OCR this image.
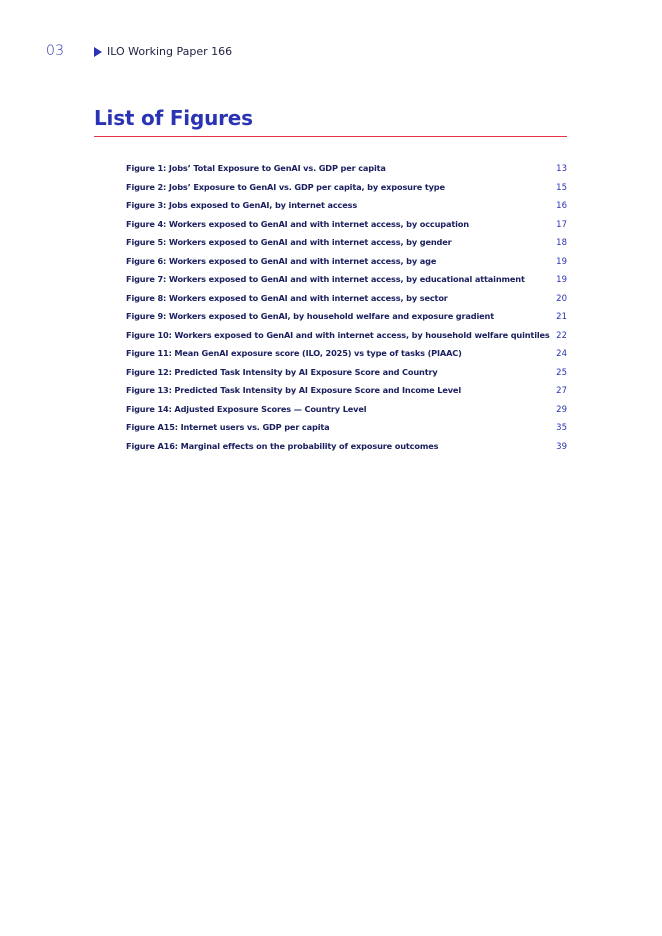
03	ILO Working Paper 166
List of Figures
Figure 1: Jobs’ Total Exposure to GenAI vs. GDP per capita	13
Figure 2: Jobs’ Exposure to GenAI vs. GDP per capita, by exposure type	15
Figure 3: Jobs exposed to GenAI, by internet access	16
Figure 4: Workers exposed to GenAI and with internet access, by occupation	17
Figure 5: Workers exposed to GenAI and with internet access, by gender	18
Figure 6: Workers exposed to GenAI and with internet access, by age	19
Figure 7: Workers exposed to GenAI and with internet access, by educational attainment	19
Figure 8: Workers exposed to GenAI and with internet access, by sector	20
Figure 9: Workers exposed to GenAI, by household welfare and exposure gradient	21
Figure 10: Workers exposed to GenAI and with internet access, by household welfare quintiles 22
Figure 11: Mean GenAI exposure score (ILO, 2025) vs type of tasks (PIAAC)	24
Figure 12: Predicted Task Intensity by AI Exposure Score and Country	25
Figure 13: Predicted Task Intensity by AI Exposure Score and Income Level	27
Figure 14: Adjusted Exposure Scores — Country Level	29
Figure A15: Internet users vs. GDP per capita	35
Figure A16: Marginal effects on the probability of exposure outcomes	39
